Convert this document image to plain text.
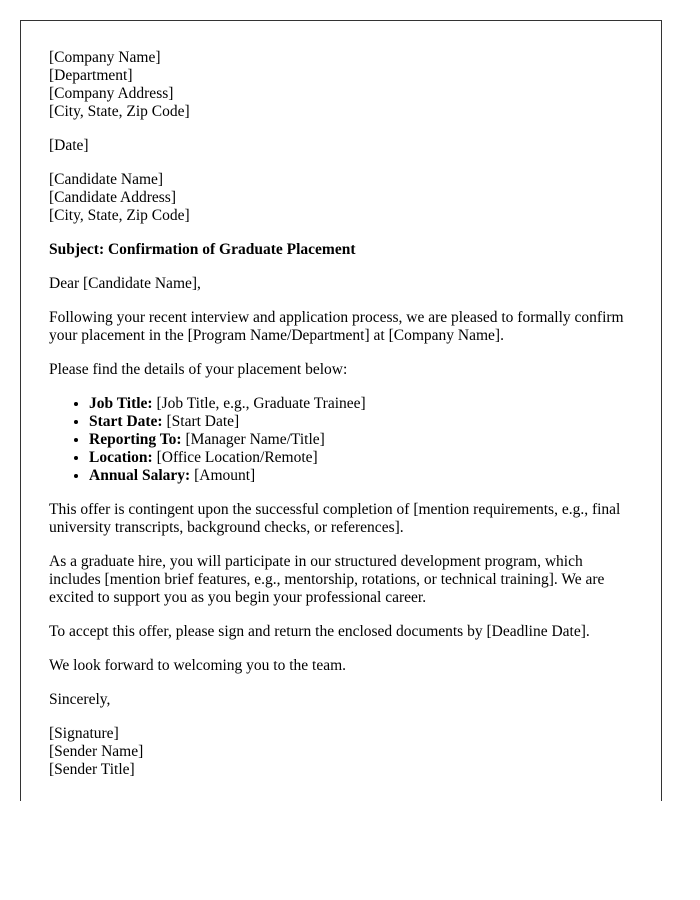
[Company Name]
[Department]
[Company Address]
[City, State, Zip Code]

[Date]

[Candidate Name]
[Candidate Address]
[City, State, Zip Code]

Subject: Confirmation of Graduate Placement

Dear [Candidate Name],

Following your recent interview and application process, we are pleased to formally confirm your placement in the [Program Name/Department] at [Company Name].

Please find the details of your placement below:

• Job Title: [Job Title, e.g., Graduate Trainee]
• Start Date: [Start Date]
• Reporting To: [Manager Name/Title]
• Location: [Office Location/Remote]
• Annual Salary: [Amount]

This offer is contingent upon the successful completion of [mention requirements, e.g., final university transcripts, background checks, or references].

As a graduate hire, you will participate in our structured development program, which includes [mention brief features, e.g., mentorship, rotations, or technical training]. We are excited to support you as you begin your professional career.

To accept this offer, please sign and return the enclosed documents by [Deadline Date].

We look forward to welcoming you to the team.

Sincerely,

[Signature]
[Sender Name]
[Sender Title]
